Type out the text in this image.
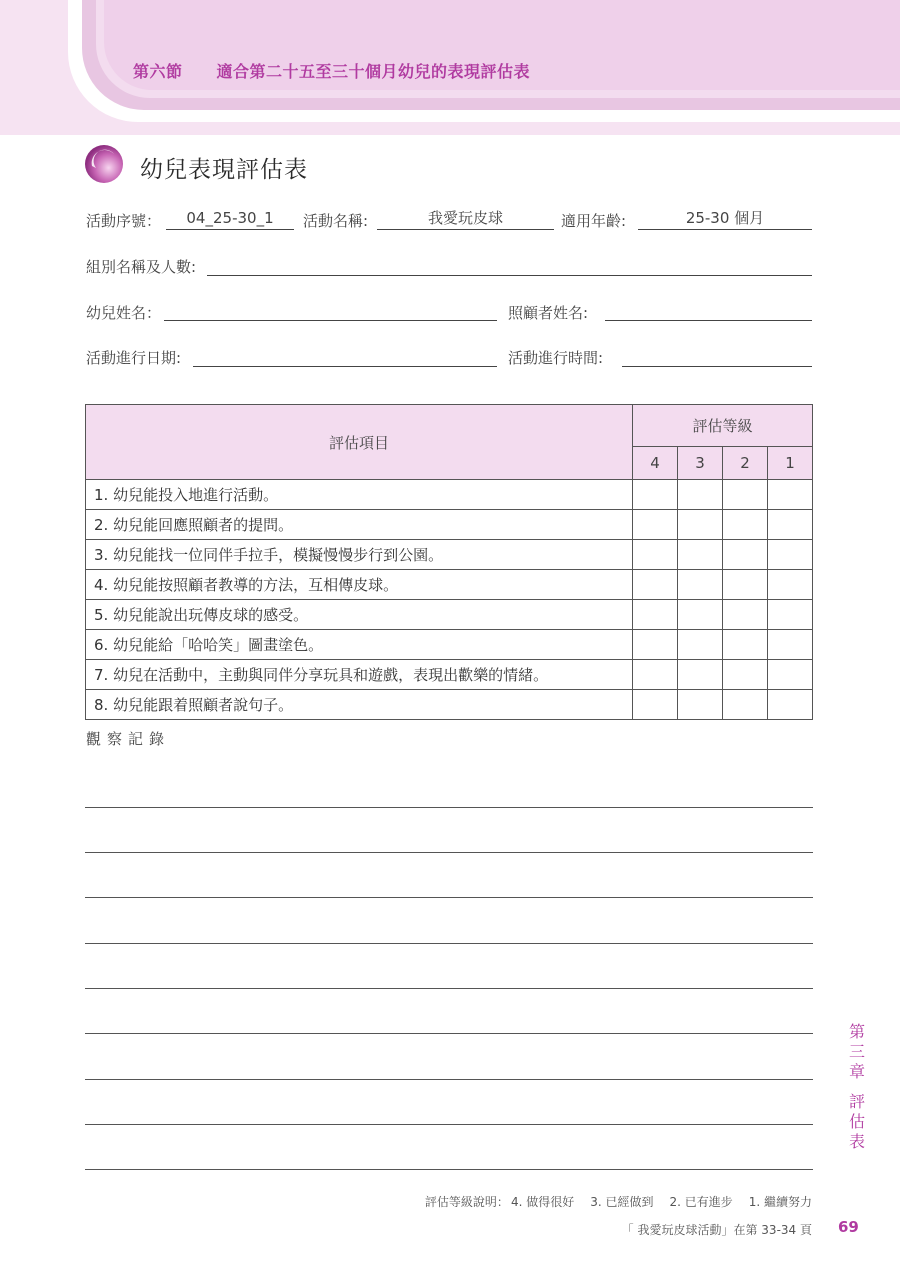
第六節 適合第二十五至三十個月幼兒的表現評估表
幼兒表現評估表
活動序號：	04_25-30_1	活動名稱:	我愛玩皮球	適用年齡:	25-30 個月
組別名稱及人數:
幼兒姓名：	照顧者姓名:
活動進行日期:	活動進行時間:
評估項目	評估等級			
	4	3	2	1
1. 幼兒能投入地進行活動。				
2. 幼兒能回應照顧者的提問。				
3. 幼兒能找一位同伴手拉手，模擬慢慢步行到公園。				
4. 幼兒能按照顧者教導的方法，互相傳皮球。				
5. 幼兒能說出玩傳皮球的感受。				
6. 幼兒能給「哈哈笑」圖畫塗色。				
7. 幼兒在活動中，主動與同伴分享玩具和遊戲，表現出歡樂的情緒。				
8. 幼兒能跟着照顧者說句子。				
觀察記錄
第
三
章
評
估
表
評估等級說明： 4. 做得很好 3. 已經做到 2. 已有進步 1. 繼續努力
「 我愛玩皮球活動」在第 33-34 頁 69
